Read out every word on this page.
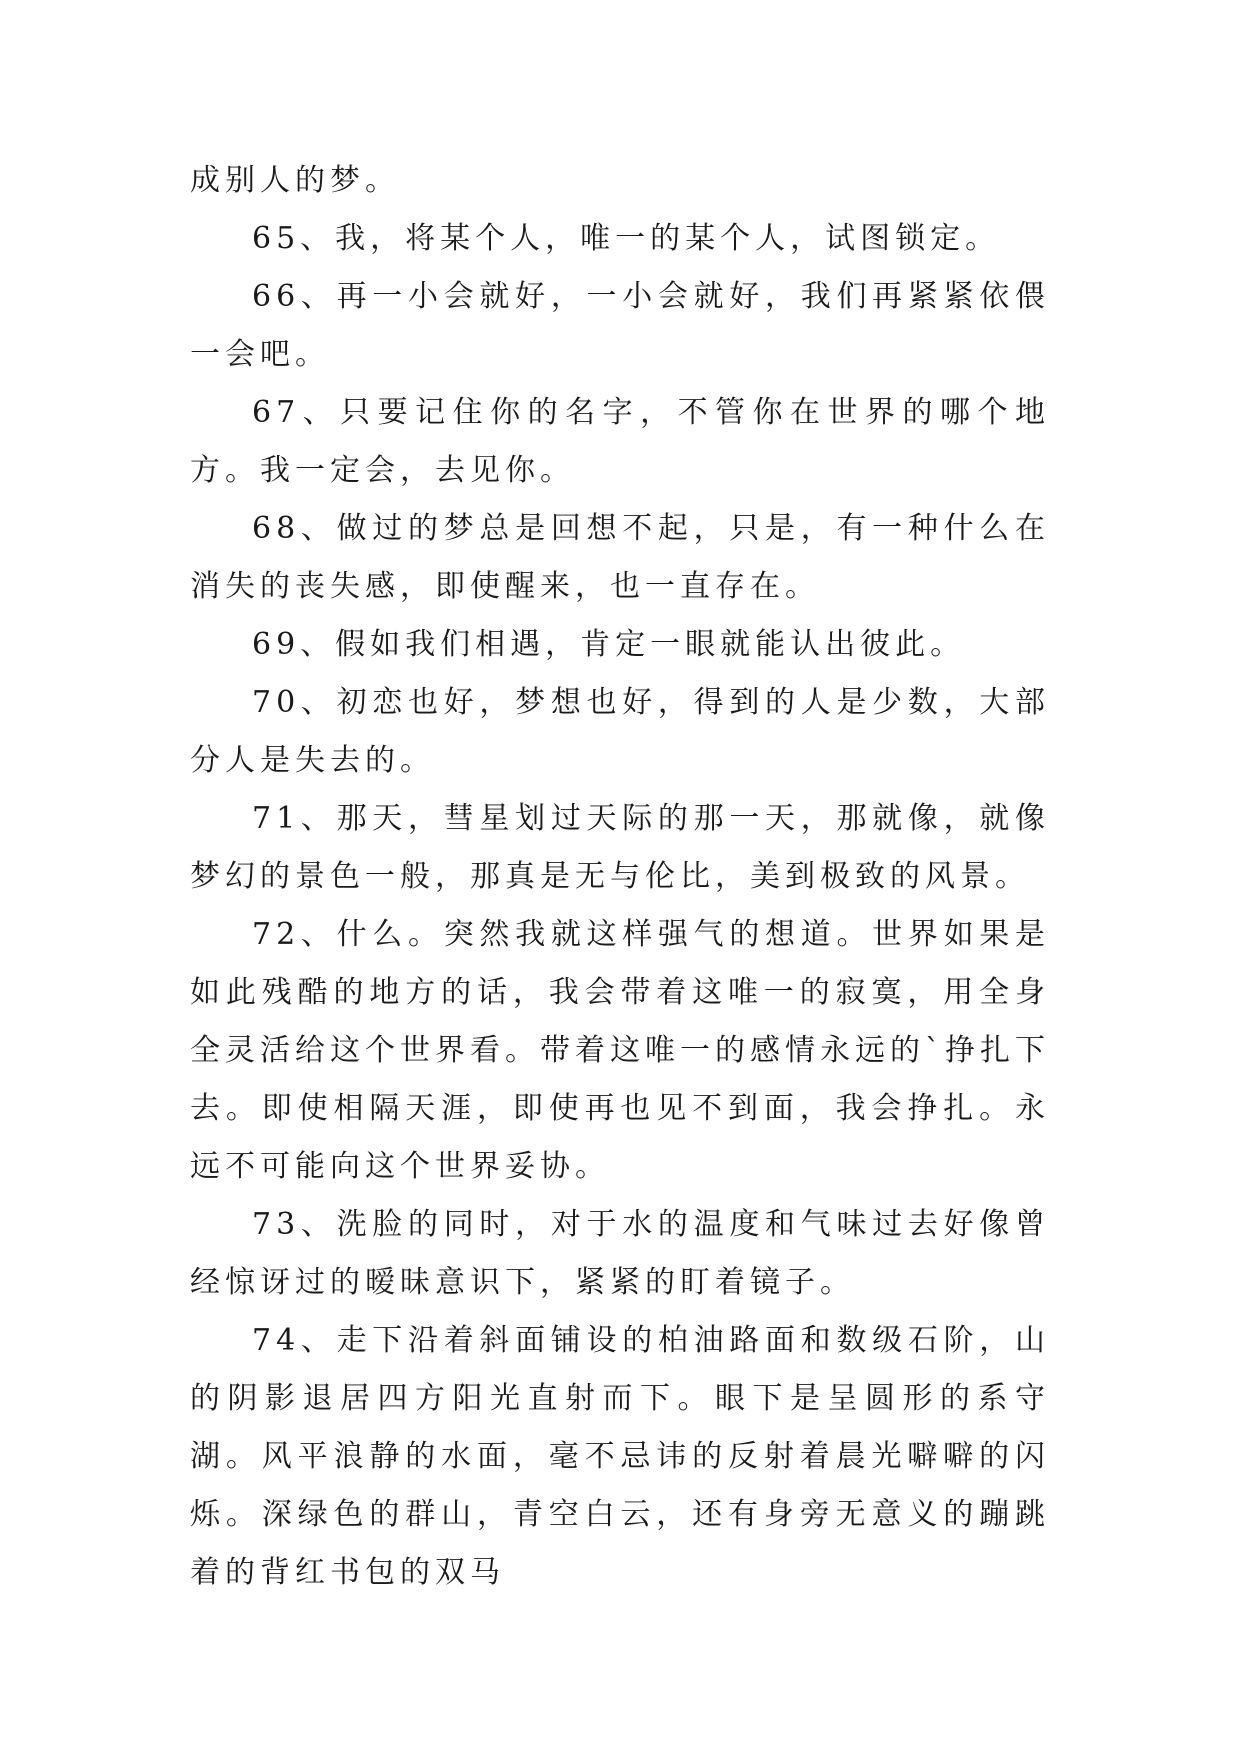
成别人的梦。

65、我，将某个人，唯一的某个人，试图锁定。

66、再一小会就好，一小会就好，我们再紧紧依偎一会吧。

67、只要记住你的名字，不管你在世界的哪个地方。我一定会，去见你。

68、做过的梦总是回想不起，只是，有一种什么在消失的丧失感，即使醒来，也一直存在。

69、假如我们相遇，肯定一眼就能认出彼此。

70、初恋也好，梦想也好，得到的人是少数，大部分人是失去的。

71、那天，彗星划过天际的那一天，那就像，就像梦幻的景色一般，那真是无与伦比，美到极致的风景。

72、什么。突然我就这样强气的想道。世界如果是如此残酷的地方的话，我会带着这唯一的寂寞，用全身全灵活给这个世界看。带着这唯一的感情永远的`挣扎下去。即使相隔天涯，即使再也见不到面，我会挣扎。永远不可能向这个世界妥协。

73、洗脸的同时，对于水的温度和气味过去好像曾经惊讶过的暧昧意识下，紧紧的盯着镜子。

74、走下沿着斜面铺设的柏油路面和数级石阶，山的阴影退居四方阳光直射而下。眼下是呈圆形的系守湖。风平浪静的水面，毫不忌讳的反射着晨光噼噼的闪烁。深绿色的群山，青空白云，还有身旁无意义的蹦跳着的背红书包的双马
